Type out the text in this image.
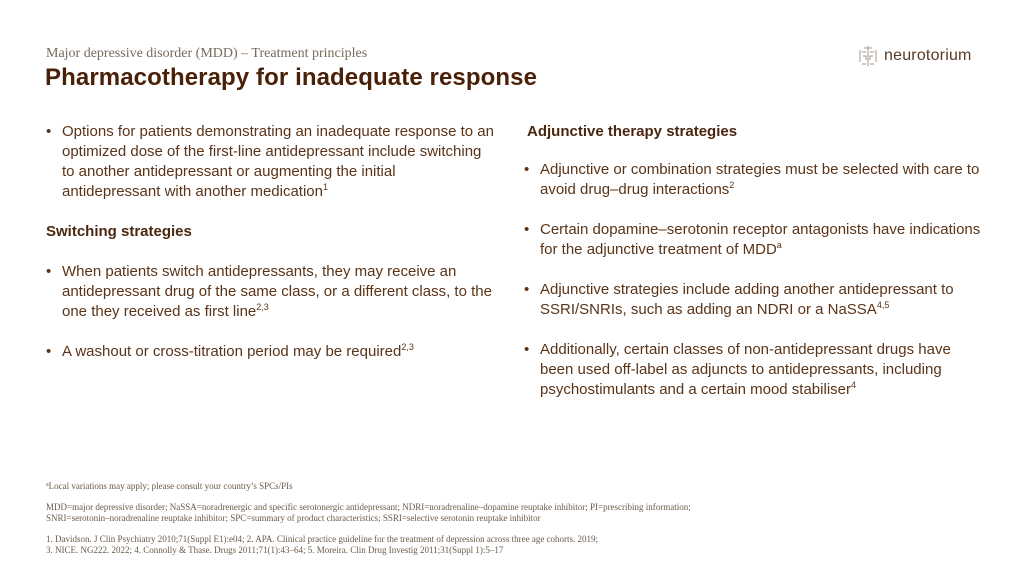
Major depressive disorder (MDD) – Treatment principles
Pharmacotherapy for inadequate response
neurotorium
• Options for patients demonstrating an inadequate response to an optimized dose of the first-line antidepressant include switching to another antidepressant or augmenting the initial antidepressant with another medication$^1$
Switching strategies
• When patients switch antidepressants, they may receive an antidepressant drug of the same class, or a different class, to the one they received as first line$^{2,3}$
• A washout or cross-titration period may be required$^{2,3}$
Adjunctive therapy strategies
• Adjunctive or combination strategies must be selected with care to avoid drug–drug interactions$^2$
• Certain dopamine–serotonin receptor antagonists have indications for the adjunctive treatment of MDD$^a$
• Adjunctive strategies include adding another antidepressant to SSRI/SNRIs, such as adding an NDRI or a NaSSA$^{4,5}$
• Additionally, certain classes of non-antidepressant drugs have been used off-label as adjuncts to antidepressants, including psychostimulants and a certain mood stabiliser$^4$
$^a$Local variations may apply; please consult your country’s SPCs/PIs
MDD=major depressive disorder; NaSSA=noradrenergic and specific serotonergic antidepressant; NDRI=noradrenaline–dopamine reuptake inhibitor; PI=prescribing information;
SNRI=serotonin–noradrenaline reuptake inhibitor; SPC=summary of product characteristics; SSRI=selective serotonin reuptake inhibitor
1. Davidson. J Clin Psychiatry 2010;71(Suppl E1):e04; 2. APA. Clinical practice guideline for the treatment of depression across three age cohorts. 2019;
3. NICE. NG222. 2022; 4. Connolly & Thase. Drugs 2011;71(1):43–64; 5. Moreira. Clin Drug Investig 2011;31(Suppl 1):5–17
